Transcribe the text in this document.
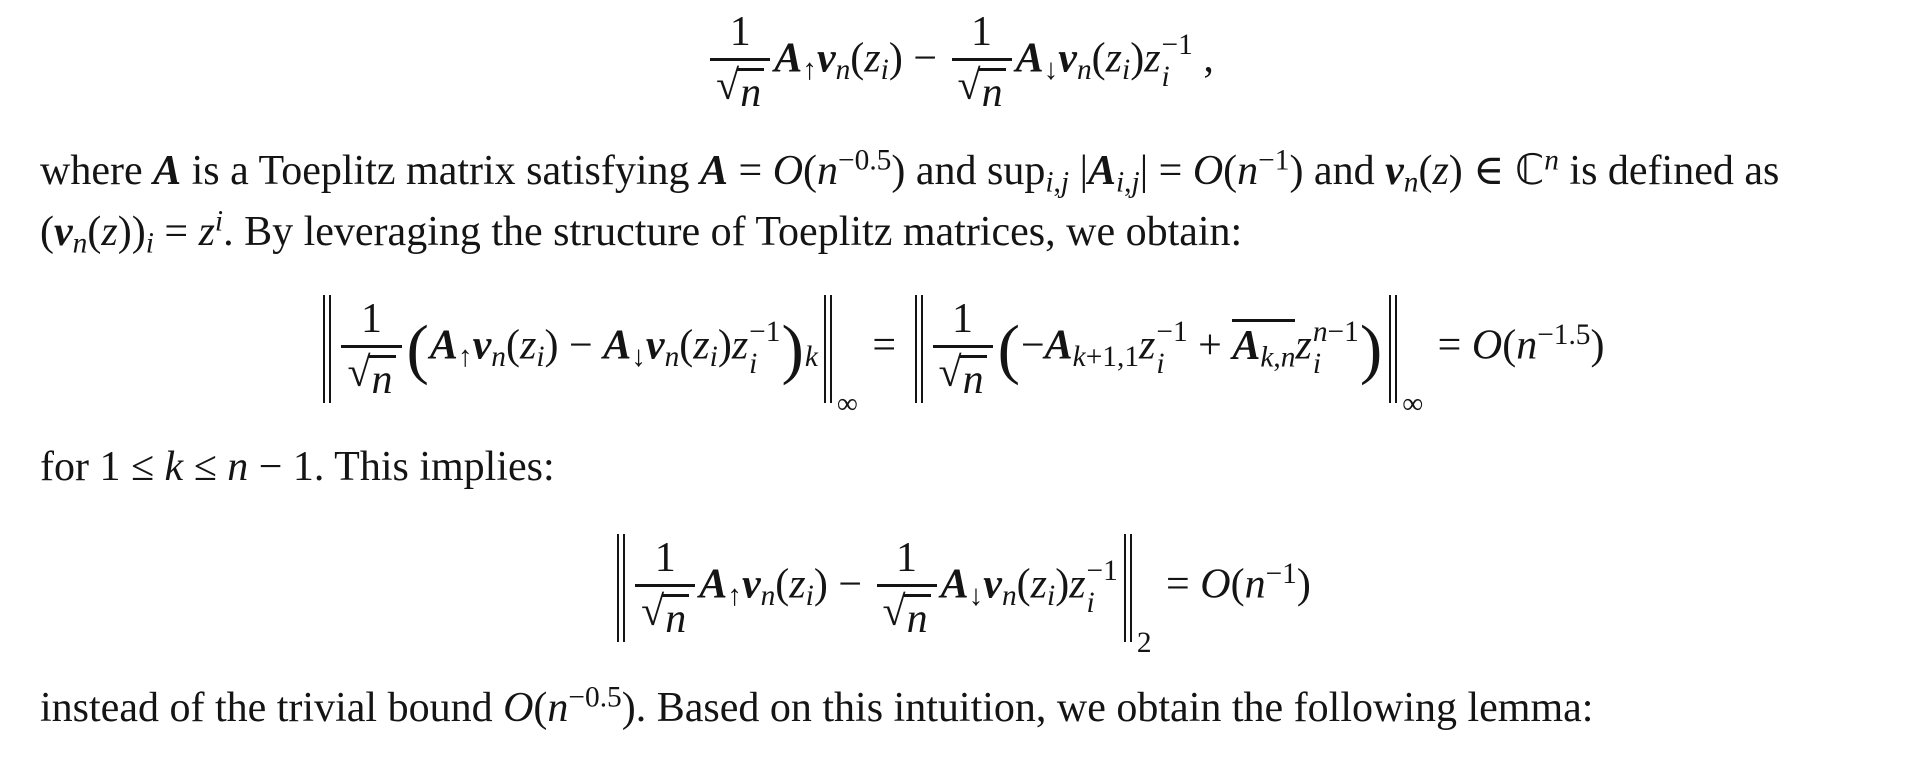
$\frac{1}{√ n}$ A↑vn(zi) − $\frac{1}{√ n}$ A↓vn(zi)z −1
i ,

where A is a Toeplitz matrix satisfying $A = O(n^{-0.5})$ and supi,j $|Ai,j| = O(n^{-1})$ and vn(z) ∈ ℂ$^n$ is defined as $(vn(z))i = z^i$. By leveraging the structure of Toeplitz matrices, we obtain:

$\frac{1}{√ n}$ (A↑vn(zi) − A↓vn(zi)z −1
i )k
∞
= $\frac{1}{√ n} (-Ak+1,1z -1$
i + Ak,nz n−1
i )
∞
= $O(n^{-1.5})$

for 1 ≤ k ≤ n − 1. This implies:

$\frac{1}{√ n}$ A↑vn(zi) − $\frac{1}{√ n}$ A↓vn(zi)z −1
i
2
= $O(n^{-1})$

instead of the trivial bound $O(n^{-0.5})$. Based on this intuition, we obtain the following lemma:
